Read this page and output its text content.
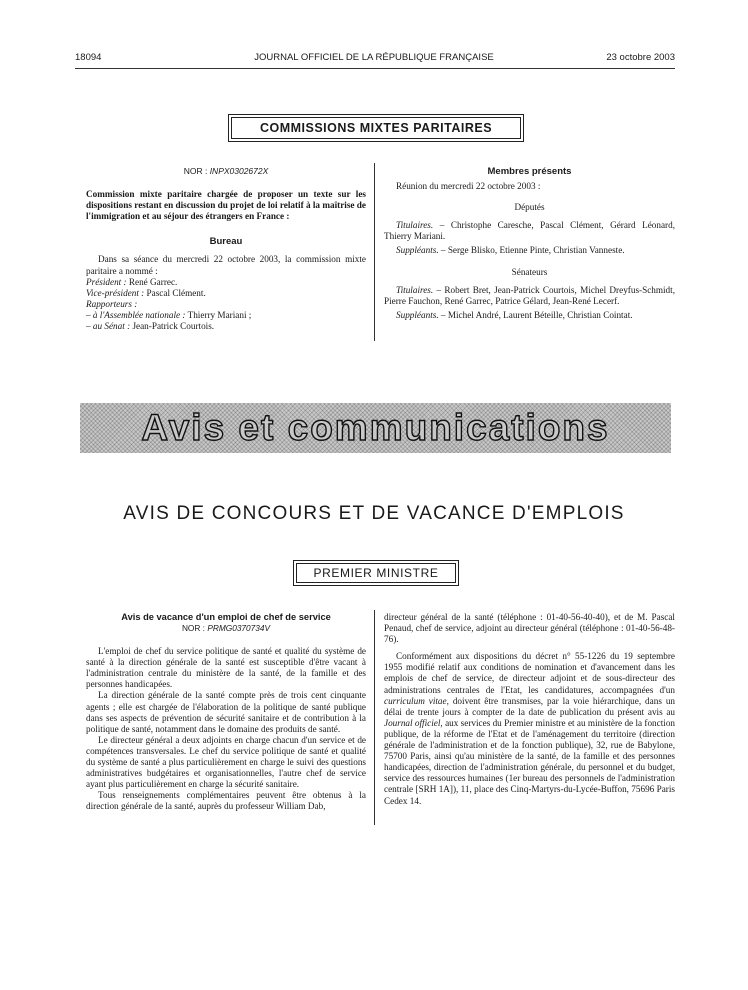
18094	JOURNAL OFFICIEL DE LA RÉPUBLIQUE FRANÇAISE	23 octobre 2003
COMMISSIONS MIXTES PARITAIRES

NOR : INPX0302672X

Commission mixte paritaire chargée de proposer un texte sur les dispositions restant en discussion du projet de loi relatif à la maîtrise de l'immigration et au séjour des étrangers en France :

Bureau

Dans sa séance du mercredi 22 octobre 2003, la commission mixte paritaire a nommé :

Président : René Garrec.

Vice-président : Pascal Clément.

Rapporteurs :

– à l'Assemblée nationale : Thierry Mariani ;

– au Sénat : Jean-Patrick Courtois.

Membres présents

Réunion du mercredi 22 octobre 2003 :

Députés

Titulaires. – Christophe Caresche, Pascal Clément, Gérard Léonard, Thierry Mariani.

Suppléants. – Serge Blisko, Etienne Pinte, Christian Vanneste.

Sénateurs

Titulaires. – Robert Bret, Jean-Patrick Courtois, Michel Dreyfus-Schmidt, Pierre Fauchon, René Garrec, Patrice Gélard, Jean-René Lecerf.

Suppléants. – Michel André, Laurent Béteille, Christian Cointat.

Avis et communications
AVIS DE CONCOURS ET DE VACANCE D'EMPLOIS
PREMIER MINISTRE

Avis de vacance d'un emploi de chef de service

NOR : PRMG0370734V

L'emploi de chef du service politique de santé et qualité du système de santé à la direction générale de la santé est susceptible d'être vacant à l'administration centrale du ministère de la santé, de la famille et des personnes handicapées.

La direction générale de la santé compte près de trois cent cinquante agents ; elle est chargée de l'élaboration de la politique de santé publique dans ses aspects de prévention de sécurité sanitaire et de contribution à la politique de santé, notamment dans le domaine des produits de santé.

Le directeur général a deux adjoints en charge chacun d'un service et de compétences transversales. Le chef du service politique de santé et qualité du système de santé a plus particulièrement en charge le suivi des questions administratives budgétaires et organisationnelles, l'autre chef de service ayant plus particulièrement en charge la sécurité sanitaire.

Tous renseignements complémentaires peuvent être obtenus à la direction générale de la santé, auprès du professeur William Dab,

directeur général de la santé (téléphone : 01-40-56-40-40), et de M. Pascal Penaud, chef de service, adjoint au directeur général (téléphone : 01-40-56-48-76).

Conformément aux dispositions du décret n° 55-1226 du 19 septembre 1955 modifié relatif aux conditions de nomination et d'avancement dans les emplois de chef de service, de directeur adjoint et de sous-directeur des administrations centrales de l'Etat, les candidatures, accompagnées d'un curriculum vitae, doivent être transmises, par la voie hiérarchique, dans un délai de trente jours à compter de la date de publication du présent avis au Journal officiel, aux services du Premier ministre et au ministère de la fonction publique, de la réforme de l'Etat et de l'aménagement du territoire (direction générale de l'administration et de la fonction publique), 32, rue de Babylone, 75700 Paris, ainsi qu'au ministère de la santé, de la famille et des personnes handicapées, direction de l'administration générale, du personnel et du budget, service des ressources humaines (1er bureau des personnels de l'administration centrale [SRH 1A]), 11, place des Cinq-Martyrs-du-Lycée-Buffon, 75696 Paris Cedex 14.
